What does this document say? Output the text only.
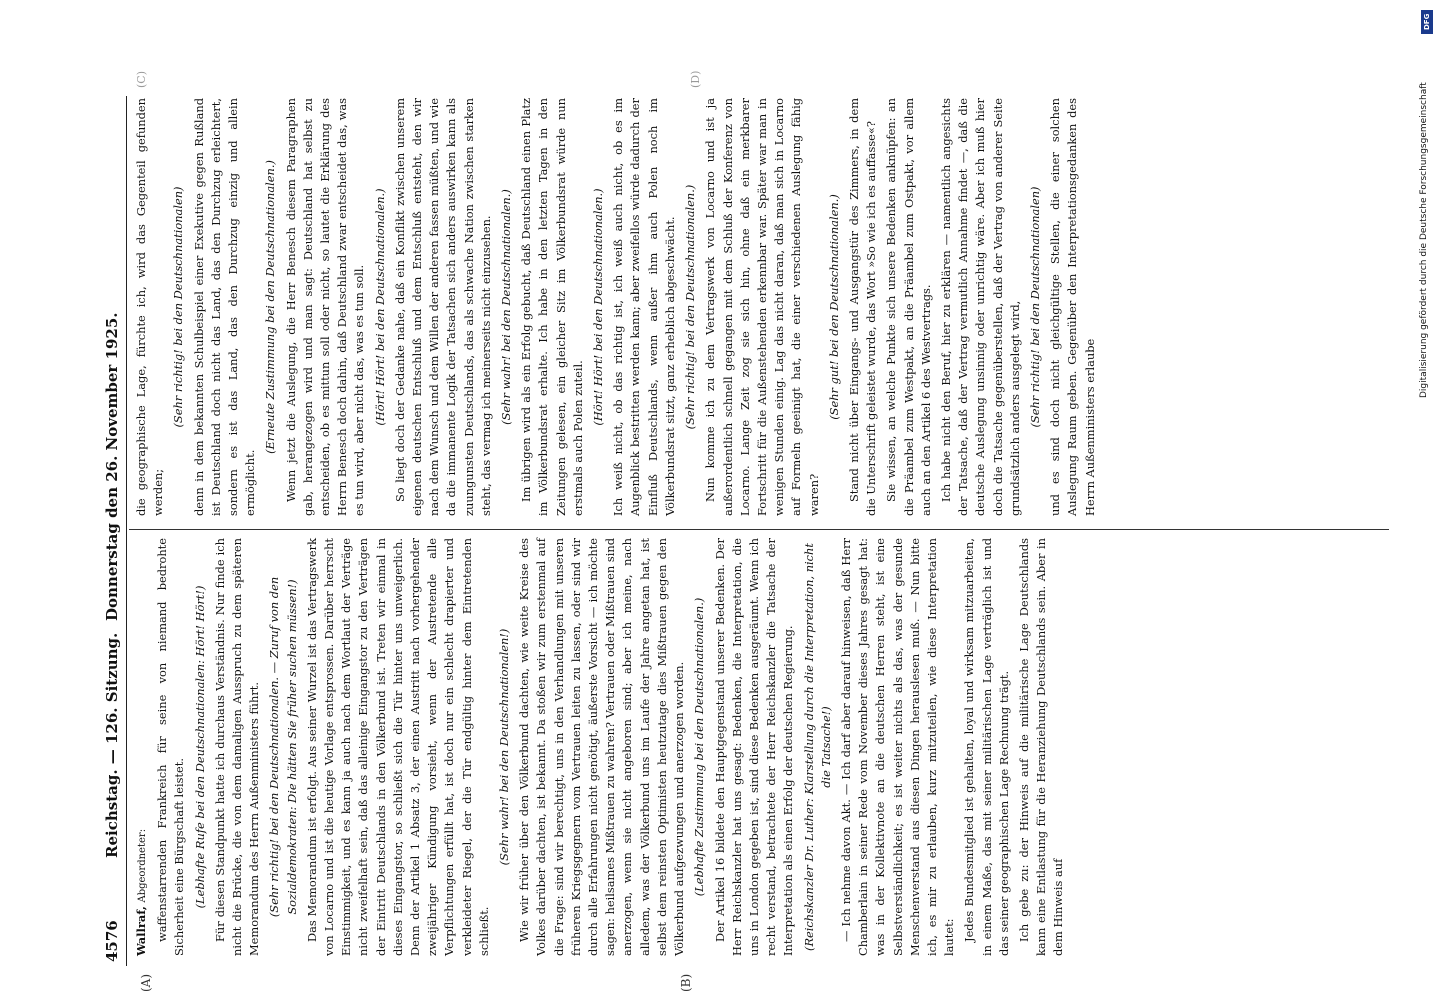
4576
Reichstag. — 126. Sitzung.
Donnerstag den 26. November 1925.
(A)	(B)
(C)	(D)

Wallraf, Abgeordneter: waffenstarrenden Frankreich für seine von niemand bedrohte Sicherheit eine Bürgschaft leistet. (Lebhafte Rufe bei den Deutschnationalen: Hört! Hört!) Für diesen Standpunkt hatte ich durchaus Verständnis. Nur finde ich nicht die Brücke, die von dem damaligen Ausspruch zu dem späteren Memorandum des Herrn Außenministers führt. (Sehr richtig! bei den Deutschnationalen. — Zuruf von den Sozialdemokraten: Die hätten Sie früher suchen müssen!) Das Memorandum ist erfolgt. Aus seiner Wurzel ist das Vertragswerk von Locarno und ist die heutige Vorlage entsprossen. Darüber herrscht Einstimmigkeit, und es kann ja auch nach dem Wortlaut der Verträge nicht zweifelhaft sein, daß das alleinige Eingangstor zu den Verträgen der Eintritt Deutschlands in den Völkerbund ist. Treten wir einmal in dieses Eingangstor, so schließt sich die Tür hinter uns unweigerlich. Denn der Artikel 1 Absatz 3, der einen Austritt nach vorhergehender zweijähriger Kündigung vorsieht, wenn der Austretende alle Verpflichtungen erfüllt hat, ist doch nur ein schlecht drapierter und verkleideter Riegel, der die Tür endgültig hinter dem Eintretenden schließt.

(Sehr wahr! bei den Deutschnationalen!) Wie wir früher über den Völkerbund dachten, wie weite Kreise des Volkes darüber dachten, ist bekannt. Da stoßen wir zum erstenmal auf die Frage: sind wir berechtigt, uns in den Verhandlungen mit unseren früheren Kriegsgegnern vom Vertrauen leiten zu lassen, oder sind wir durch alle Erfahrungen nicht genötigt, äußerste Vorsicht — ich möchte sagen: heilsames Mißtrauen zu wahren? Vertrauen oder Mißtrauen sind anerzogen, wenn sie nicht angeboren sind; aber ich meine, nach alledem, was der Völkerbund uns im Laufe der Jahre angetan hat, ist selbst dem reinsten Optimisten heutzutage dies Mißtrauen gegen den Völkerbund aufgezwungen und anerzogen worden. (Lebhafte Zustimmung bei den Deutschnationalen.) Der Artikel 16 bildete den Hauptgegenstand unserer Bedenken. Der Herr Reichskanzler hat uns gesagt: Bedenken, die Interpretation, die uns in London gegeben ist, sind diese Bedenken ausgeräumt. Wenn ich recht verstand, betrachtete der Herr Reichskanzler die Tatsache der Interpretation als einen Erfolg der deutschen Regierung. (Reichskanzler Dr. Luther: Klarstellung durch die Interpretation, nicht die Tatsache!) — Ich nehme davon Akt. — Ich darf aber darauf hinweisen, daß Herr Chamberlain in seiner Rede vom November dieses Jahres gesagt hat: was in der Kollektivnote an die deutschen Herren steht, ist eine Selbstverständlichkeit; es ist weiter nichts als das, was der gesunde Menschenverstand aus diesen Dingen herauslesen muß. — Nun bitte ich, es mir zu erlauben, kurz mitzuteilen, wie diese Interpretation lautet: Jedes Bundesmitglied ist gehalten, loyal und wirksam mitzuarbeiten, in einem Maße, das mit seiner militärischen Lage verträglich ist und das seiner geographischen Lage Rechnung trägt. Ich gebe zu: der Hinweis auf die militärische Lage Deutschlands kann eine Entlastung für die Heranziehung Deutschlands sein. Aber in dem Hinweis auf

die geographische Lage, fürchte ich, wird das Gegenteil gefunden werden;

(Sehr richtig! bei den Deutschnationalen) denn in dem bekannten Schulbeispiel einer Exekutive gegen Rußland ist Deutschland doch nicht das Land, das den Durchzug erleichtert, sondern es ist das Land, das den Durchzug einzig und allein ermöglicht.

(Erneute Zustimmung bei den Deutschnationalen.) Wenn jetzt die Auslegung, die Herr Benesch diesem Paragraphen gab, herangezogen wird und man sagt: Deutschland hat selbst zu entscheiden, ob es mittun soll oder nicht, so lautet die Erklärung des Herrn Benesch doch dahin, daß Deutschland zwar entscheidet das, was es tun wird, aber nicht das, was es tun soll. (Hört! Hört! bei den Deutschnationalen.) So liegt doch der Gedanke nahe, daß ein Konflikt zwischen unserem eigenen deutschen Entschluß und dem Entschluß entsteht, den wir nach dem Wunsch und dem Willen der anderen fassen müßten, und wie da die immanente Logik der Tatsachen sich anders auswirken kann als zuungunsten Deutschlands, das als schwache Nation zwischen starken steht, das vermag ich meinerseits nicht einzusehen. (Sehr wahr! bei den Deutschnationalen.) Im übrigen wird als ein Erfolg gebucht, daß Deutschland einen Platz im Völkerbundsrat erhalte. Ich habe in den letzten Tagen in den Zeitungen gelesen, ein gleicher Sitz im Völkerbundsrat würde nun erstmals auch Polen zuteil.

(Hört! Hört! bei den Deutschnationalen.) Ich weiß nicht, ob das richtig ist, ich weiß auch nicht, ob es im Augenblick bestritten werden kann; aber zweifellos würde dadurch der Einfluß Deutschlands, wenn außer ihm auch Polen noch im Völkerbundsrat sitzt, ganz erheblich abgeschwächt. (Sehr richtig! bei den Deutschnationalen.) Nun komme ich zu dem Vertragswerk von Locarno und ist ja außerordentlich schnell gegangen mit dem Schluß der Konferenz von Locarno. Lange Zeit zog sie sich hin, ohne daß ein merkbarer Fortschritt für die Außenstehenden erkennbar war. Später war man in wenigen Stunden einig. Lag das nicht daran, daß man sich in Locarno auf Formeln geeinigt hat, die einer verschiedenen Auslegung fähig waren?

(Sehr gut! bei den Deutschnationalen.) Stand nicht über Eingangs- und Ausgangstür des Zimmers, in dem die Unterschrift geleistet wurde, das Wort »So wie ich es auffasse«? Sie wissen, an welche Punkte sich unsere Bedenken anknüpfen: an die Präambel zum Westpakt, an die Präambel zum Ostpakt, vor allem auch an den Artikel 6 des Westvertrags. Ich habe nicht den Beruf, hier zu erklären — namentlich angesichts der Tatsache, daß der Vertrag vermutlich Annahme findet —, daß die deutsche Auslegung unsinnig oder unrichtig wäre. Aber ich muß hier doch die Tatsache gegenüberstellen, daß der Vertrag von anderer Seite grundsätzlich anders ausgelegt wird, (Sehr richtig! bei den Deutschnationalen) und es sind doch nicht gleichgültige Stellen, die einer solchen Auslegung Raum geben. Gegenüber den Interpretationsgedanken des Herrn Außenministers erlaube

DFG
Digitalisierung gefördert durch die Deutsche Forschungsgemeinschaft
